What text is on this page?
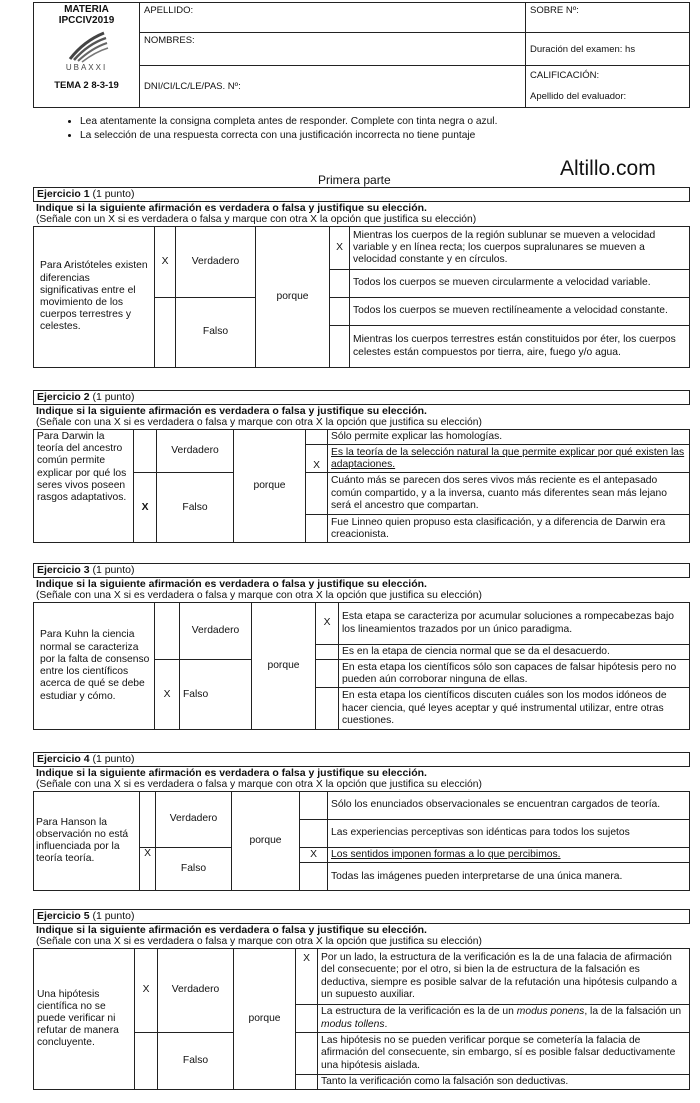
MATERIA
IPCCIV2019
UBAXXI
TEMA 2 8-3-19	APELLIDO:	SOBRE Nº:
	NOMBRES:	Duración del examen: hs
	DNI/CI/LC/LE/PAS. Nº:	CALIFICACIÓN:
Apellido del evaluador:
• Lea atentamente la consigna completa antes de responder. Complete con tinta negra o azul.
• La selección de una respuesta correcta con una justificación incorrecta no tiene puntaje
Altillo.com
Primera parte
Ejercicio 1 (1 punto)
Indique si la siguiente afirmación es verdadera o falsa y justifique su elección.
(Señale con un X si es verdadera o falsa y marque con otra X la opción que justifica su elección)
Para Aristóteles existen diferencias significativas entre el movimiento de los cuerpos terrestres y celestes.	X	Verdadero	porque	X	Mientras los cuerpos de la región sublunar se mueven a velocidad variable y en línea recta; los cuerpos supralunares se mueven a velocidad constante y en círculos.
					Todos los cuerpos se mueven circularmente a velocidad variable.
		Falso			Todos los cuerpos se mueven rectilíneamente a velocidad constante.
					Mientras los cuerpos terrestres están constituidos por éter, los cuerpos celestes están compuestos por tierra, aire, fuego y/o agua.
Ejercicio 2 (1 punto)
Indique si la siguiente afirmación es verdadera o falsa y justifique su elección.
(Señale con una X si es verdadera o falsa y marque con otra X la opción que justifica su elección)
Para Darwin la teoría del ancestro común permite explicar por qué los seres vivos poseen rasgos adaptativos.		Verdadero	porque		Sólo permite explicar las homologías.
				X	Es la teoría de la selección natural la que permite explicar por qué existen las adaptaciones.
	X	Falso			Cuánto más se parecen dos seres vivos más reciente es el antepasado común compartido, y a la inversa, cuanto más diferentes sean más lejano será el ancestro que compartan.
					Fue Linneo quien propuso esta clasificación, y a diferencia de Darwin era creacionista.
Ejercicio 3 (1 punto)
Indique si la siguiente afirmación es verdadera o falsa y justifique su elección.
(Señale con una X si es verdadera o falsa y marque con otra X la opción que justifica su elección)
Para Kuhn la ciencia normal se caracteriza por la falta de consenso entre los científicos acerca de qué se debe estudiar y cómo.		Verdadero	porque	X	Esta etapa se caracteriza por acumular soluciones a rompecabezas bajo los lineamientos trazados por un único paradigma.
					Es en la etapa de ciencia normal que se da el desacuerdo.
	X	Falso			En esta etapa los científicos sólo son capaces de falsar hipótesis pero no pueden aún corroborar ninguna de ellas.
					En esta etapa los científicos discuten cuáles son los modos idóneos de hacer ciencia, qué leyes aceptar y qué instrumental utilizar, entre otras cuestiones.
Ejercicio 4 (1 punto)
Indique si la siguiente afirmación es verdadera o falsa y justifique su elección.
(Señale con una X si es verdadera o falsa y marque con otra X la opción que justifica su elección)
Para Hanson la observación no está influenciada por la teoría teoría.		Verdadero	porque		Sólo los enunciados observacionales se encuentran cargados de teoría.
					Las experiencias perceptivas son idénticas para todos los sujetos
	X	Falso		X	Los sentidos imponen formas a lo que percibimos.
					Todas las imágenes pueden interpretarse de una única manera.
Ejercicio 5 (1 punto)
Indique si la siguiente afirmación es verdadera o falsa y justifique su elección.
(Señale con una X si es verdadera o falsa y marque con otra X la opción que justifica su elección)
Una hipótesis científica no se puede verificar ni refutar de manera concluyente.	X	Verdadero	porque	X	Por un lado, la estructura de la verificación es la de una falacia de afirmación del consecuente; por el otro, si bien la de estructura de la falsación es deductiva, siempre es posible salvar de la refutación una hipótesis culpando a un supuesto auxiliar.
					La estructura de la verificación es la de un modus ponens, la de la falsación un modus tollens.
		Falso			Las hipótesis no se pueden verificar porque se cometería la falacia de afirmación del consecuente, sin embargo, sí es posible falsar deductivamente una hipótesis aislada.
					Tanto la verificación como la falsación son deductivas.
